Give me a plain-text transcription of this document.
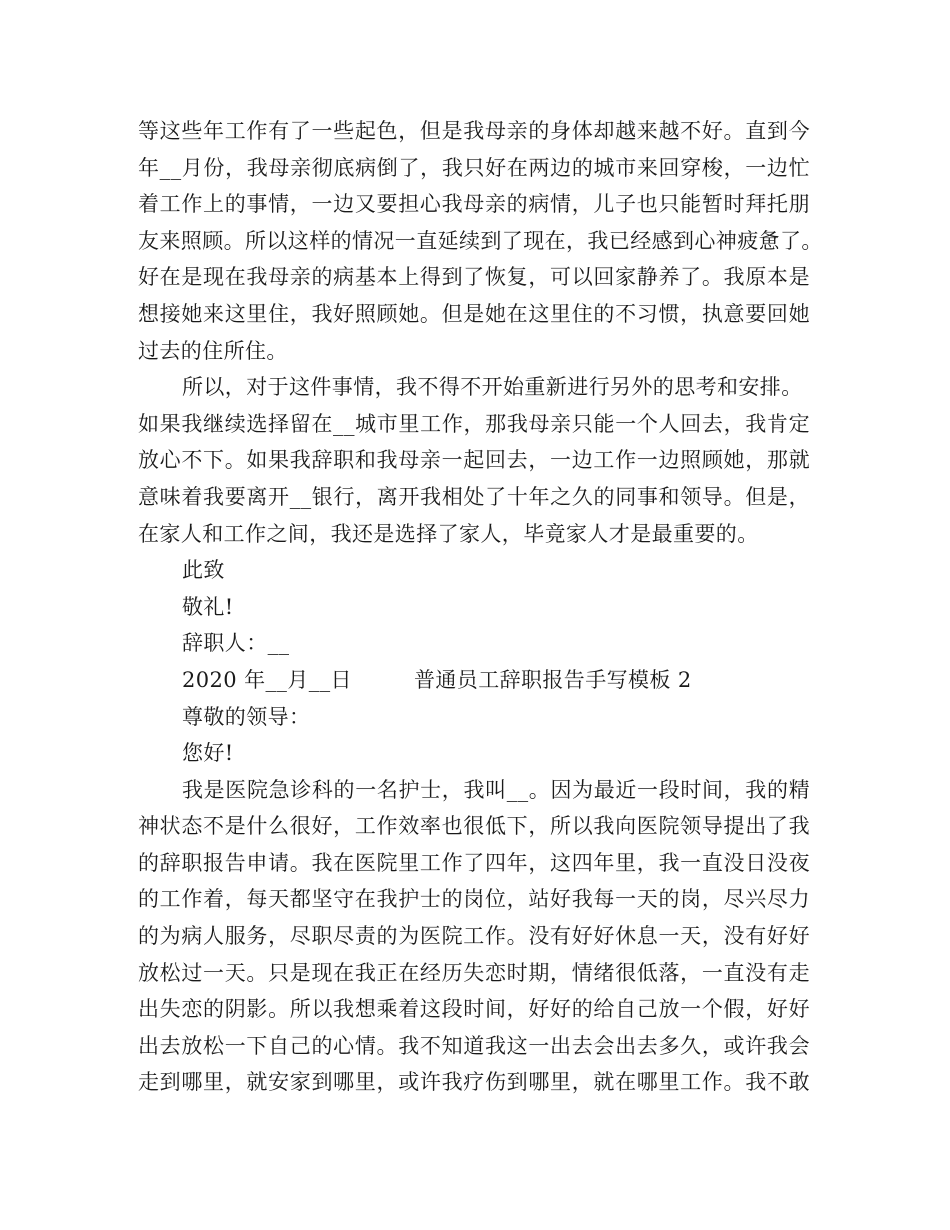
等这些年工作有了一些起色，但是我母亲的身体却越来越不好。直到今
年__月份，我母亲彻底病倒了，我只好在两边的城市来回穿梭，一边忙
着工作上的事情，一边又要担心我母亲的病情，儿子也只能暂时拜托朋
友来照顾。所以这样的情况一直延续到了现在，我已经感到心神疲惫了。
好在是现在我母亲的病基本上得到了恢复，可以回家静养了。我原本是
想接她来这里住，我好照顾她。但是她在这里住的不习惯，执意要回她
过去的住所住。
所以，对于这件事情，我不得不开始重新进行另外的思考和安排。
如果我继续选择留在__城市里工作，那我母亲只能一个人回去，我肯定
放心不下。如果我辞职和我母亲一起回去，一边工作一边照顾她，那就
意味着我要离开__银行，离开我相处了十年之久的同事和领导。但是，
在家人和工作之间，我还是选择了家人，毕竟家人才是最重要的。
此致
敬礼!
辞职人：__
2020 年__月__日	普通员工辞职报告手写模板 2
尊敬的领导：
您好!
我是医院急诊科的一名护士，我叫__。因为最近一段时间，我的精
神状态不是什么很好，工作效率也很低下，所以我向医院领导提出了我
的辞职报告申请。我在医院里工作了四年，这四年里，我一直没日没夜
的工作着，每天都坚守在我护士的岗位，站好我每一天的岗，尽兴尽力
的为病人服务，尽职尽责的为医院工作。没有好好休息一天，没有好好
放松过一天。只是现在我正在经历失恋时期，情绪很低落，一直没有走
出失恋的阴影。所以我想乘着这段时间，好好的给自己放一个假，好好
出去放松一下自己的心情。我不知道我这一出去会出去多久，或许我会
走到哪里，就安家到哪里，或许我疗伤到哪里，就在哪里工作。我不敢
